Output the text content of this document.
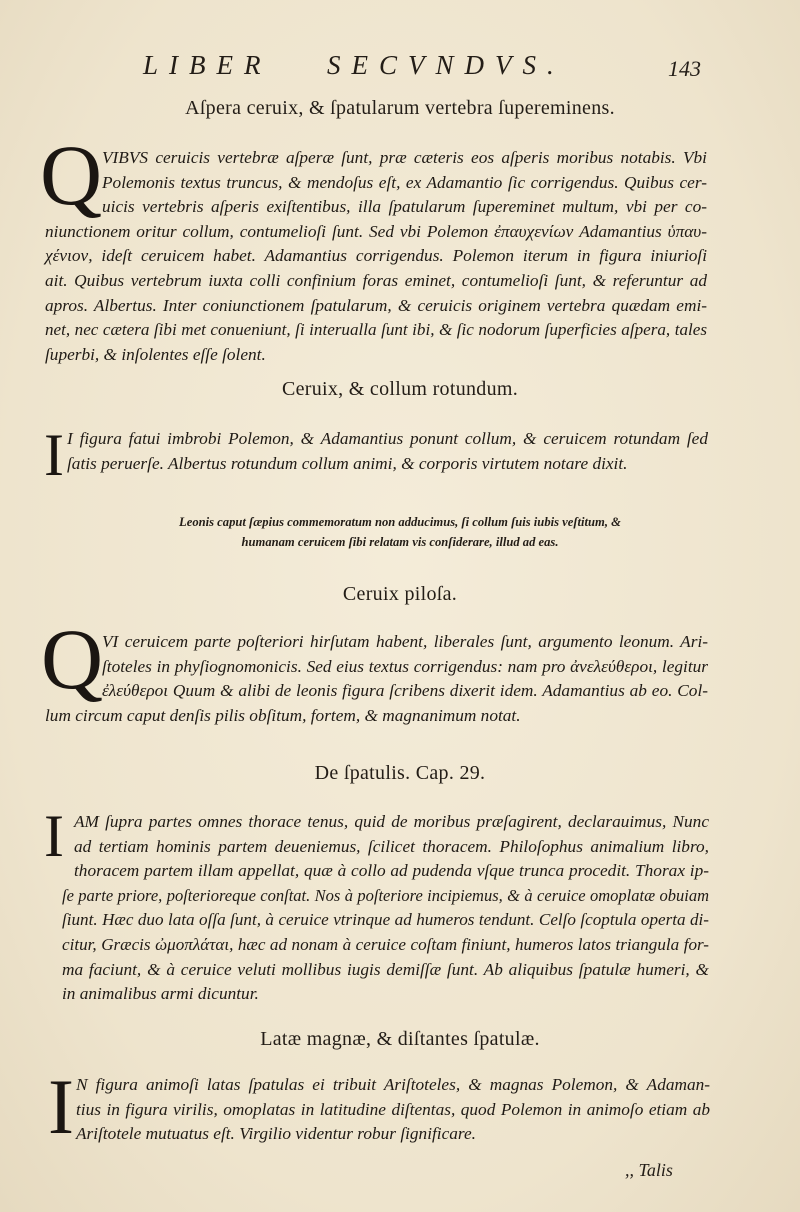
LIBER SECVNDVS.	143
Aſpera ceruix, & ſpatularum vertebra ſupereminens.
Q VIBVS ceruicis vertebræ aſperæ ſunt, præ cæteris eos aſperis moribus notabis. Vbi
Polemonis textus truncus, & mendoſus eſt, ex Adamantio ſic corrigendus. Quibus cer-
uicis vertebris aſperis exiſtentibus, illa ſpatularum ſupereminet multum, vbi per co-
niunctionem oritur collum, contumelioſi ſunt. Sed vbi Polemon ἐπαυχενίων Adamantius ὑπαυ-
χένιον, ideſt ceruicem habet. Adamantius corrigendus. Polemon iterum in figura iniurioſi
ait. Quibus vertebrum iuxta colli confinium foras eminet, contumelioſi ſunt, & referuntur ad
apros. Albertus. Inter coniunctionem ſpatularum, & ceruicis originem vertebra quædam emi-
net, nec cætera ſibi met conueniunt, ſi interualla ſunt ibi, & ſic nodorum ſuperficies aſpera, tales
ſuperbi, & inſolentes eſſe ſolent.
Ceruix, & collum rotundum.
I I figura fatui imbrobi Polemon, & Adamantius ponunt collum, & ceruicem rotundam ſed
ſatis peruerſe. Albertus rotundum collum animi, & corporis virtutem notare dixit.
Leonis caput ſæpius commemoratum non adducimus, ſi collum ſuis iubis veſtitum, &
humanam ceruicem ſibi relatam vis conſiderare, illud ad eas.
Ceruix piloſa.
Q
VI ceruicem parte poſteriori hirſutam habent, liberales ſunt, argumento leonum. Ari-
ſtoteles in phyſiognomonicis. Sed eius textus corrigendus: nam pro ἀνελεύθεροι, legitur
ἐλεύθεροι Quum & alibi de leonis figura ſcribens dixerit idem. Adamantius ab eo. Col-
lum circum caput denſis pilis obſitum, fortem, & magnanimum notat.
De ſpatulis. Cap. 29.
I AM ſupra partes omnes thorace tenus, quid de moribus præſagirent, declarauimus, Nunc
ad tertiam hominis partem deueniemus, ſcilicet thoracem. Philoſophus animalium libro,
thoracem partem illam appellat, quæ à collo ad pudenda vſque trunca procedit. Thorax ip-
ſe parte priore, poſterioreque conſtat. Nos à poſteriore incipiemus, & à ceruice omoplatæ obuiam
ſiunt. Hæc duo lata oſſa ſunt, à ceruice vtrinque ad humeros tendunt. Celſo ſcoptula operta di-
citur, Græcis ὠμοπλάται, hæc ad nonam à ceruice coſtam finiunt, humeros latos triangula for-
ma faciunt, & à ceruice veluti mollibus iugis demiſſæ ſunt. Ab aliquibus ſpatulæ humeri, &
in animalibus armi dicuntur.
Latæ magnæ, & diſtantes ſpatulæ.
I N figura animoſi latas ſpatulas ei tribuit Ariſtoteles, & magnas Polemon, & Adaman-
tius in figura virilis, omoplatas in latitudine diſtentas, quod Polemon in animoſo etiam ab
Ariſtotele mutuatus eſt. Virgilio videntur robur ſignificare.
,, Talis
